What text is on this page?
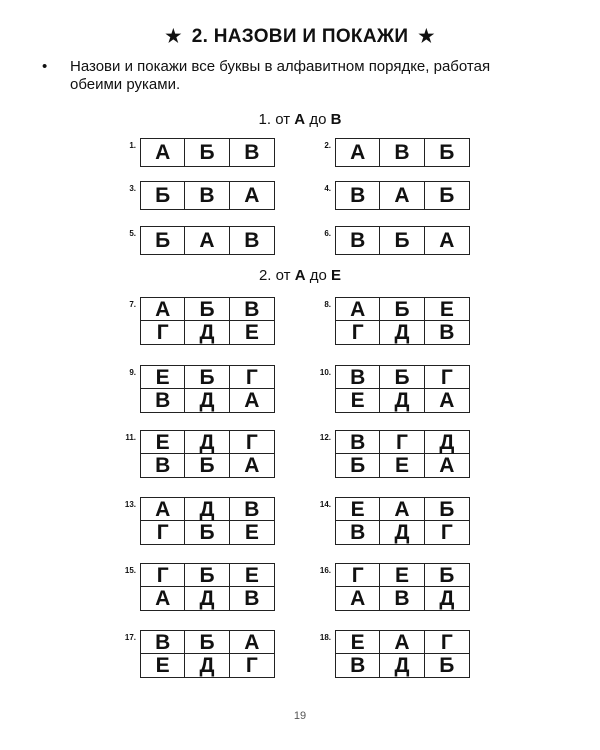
★ 2. НАЗОВИ И ПОКАЖИ ★
• Назови и покажи все буквы в алфавитном порядке, работая обеими руками.
1. от А до В
2. от А до Е
1. А	Б	В	2. А	В	Б
3. Б	В	А	4. В	А	Б
5. Б	А	В	6. В	Б	А
7. А	Б	В
Г	Д	Е
8. А	Б	Е
Г	Д	В
9. Е	Б	Г
В	Д	А
10. В	Б	Г
Е	Д	А
11. Е	Д	Г
В	Б	А
12. В	Г	Д
Б	Е	А
13. А	Д	В
Г	Б	Е
14. Е	А	Б
В	Д	Г
15. Г	Б	Е
А	Д	В
16. Г	Е	Б
А	В	Д
17. В	Б	А
Е	Д	Г
18. Е	А	Г
В	Д	Б
19
